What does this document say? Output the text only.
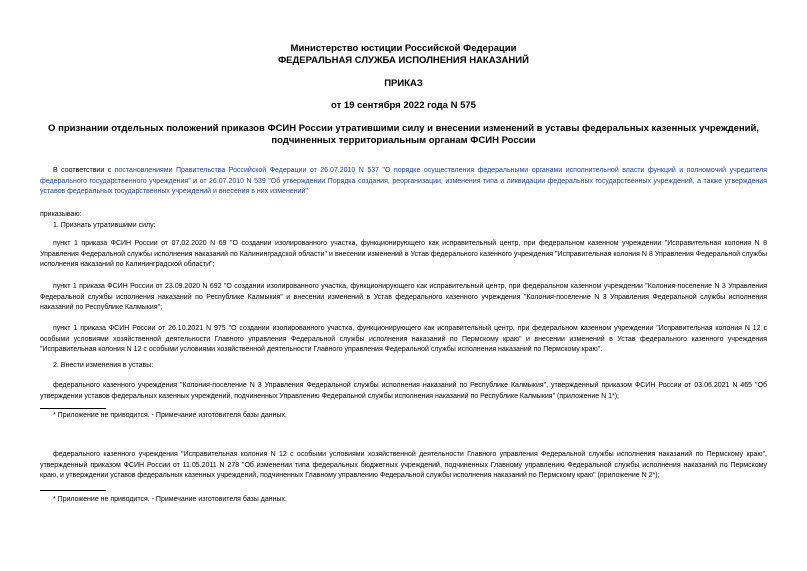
Министерство юстиции Российской Федерации
ФЕДЕРАЛЬНАЯ СЛУЖБА ИСПОЛНЕНИЯ НАКАЗАНИЙ
ПРИКАЗ
от 19 сентября 2022 года N 575
О признании отдельных положений приказов ФСИН России утратившими силу и внесении изменений в уставы федеральных казенных учреждений, подчиненных территориальным органам ФСИН России
В соответствии с постановлениями Правительства Российской Федерации от 26.07.2010 N 537 "О порядке осуществления федеральными органами исполнительной власти функций и полномочий учредителя федерального государственного учреждения" и от 26.07.2010 N 539 "Об утверждении Порядка создания, реорганизации, изменения типа и ликвидации федеральных государственных учреждений, а также утверждения уставов федеральных государственных учреждений и внесения в них изменений"
приказываю:
1. Признать утратившими силу:
пункт 1 приказа ФСИН России от 07.02.2020 N 69 "О создании изолированного участка, функционирующего как исправительный центр, при федеральном казенном учреждении "Исправительная колония N 8 Управления Федеральной службы исполнения наказаний по Калининградской области" и внесении изменений в Устав федерального казенного учреждения "Исправительная колония N 8 Управления Федеральной службы исполнения наказаний по Калининградской области";
пункт 1 приказа ФСИН России от 23.09.2020 N 692 "О создании изолированного участка, функционирующего как исправительный центр, при федеральном казенном учреждении "Колония-поселение N 3 Управления Федеральной службы исполнения наказаний по Республике Калмыкия" и внесении изменений в Устав федерального казенного учреждения "Колония-поселение N 3 Управления Федеральной службы исполнения наказаний по Республике Калмыкия";
пункт 1 приказа ФСИН России от 26.10.2021 N 975 "О создании изолированного участка, функционирующего как исправительный центр, при федеральном казенном учреждении "Исправительная колония N 12 с особыми условиями хозяйственной деятельности Главного управления Федеральной службы исполнения наказаний по Пермскому краю" и внесении изменений в Устав федерального казенного учреждения "Исправительная колония N 12 с особыми условиями хозяйственной деятельности Главного управления Федеральной службы исполнения наказаний по Пермскому краю".
2. Внести изменения в уставы:
федерального казенного учреждения "Колония-поселение N 3 Управления Федеральной службы исполнения наказаний по Республике Калмыкия", утвержденный приказом ФСИН России от 03.06.2021 N 465 "Об утверждении уставов федеральных казенных учреждений, подчиненных Управлению Федеральной службы исполнения наказаний по Республике Калмыкия" (приложение N 1*);
* Приложение не приводится. - Примечание изготовителя базы данных.
федерального казенного учреждения "Исправительная колония N 12 с особыми условиями хозяйственной деятельности Главного управления Федеральной службы исполнения наказаний по Пермскому краю", утвержденный приказом ФСИН России от 11.05.2011 N 278 "Об изменении типа федеральных бюджетных учреждений, подчиненных Главному управлению Федеральной службы исполнения наказаний по Пермскому краю, и утверждении уставов федеральных казенных учреждений, подчиненных Главному управлению Федеральной службы исполнения наказаний по Пермскому краю" (приложение N 2*);
* Приложение не приводится. - Примечание изготовителя базы данных.
